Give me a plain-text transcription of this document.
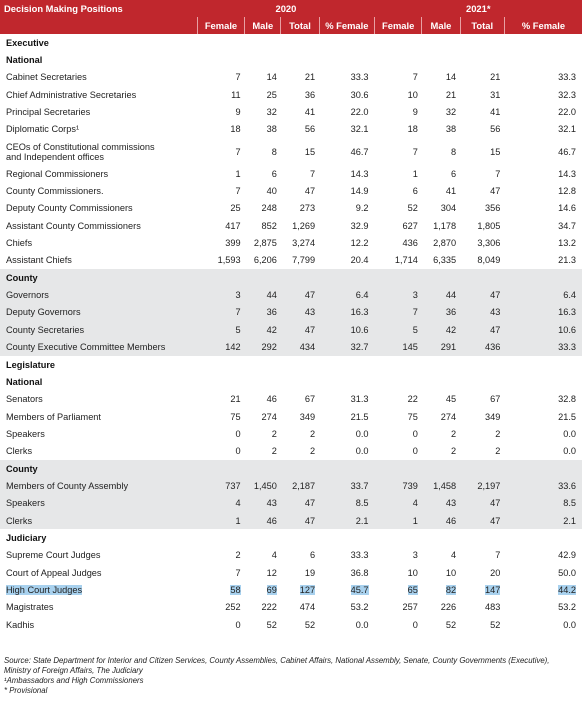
Decision Making Positions	2020				2021*			
	Female	Male	Total	% Female	Female	Male	Total	% Female
Executive								
National								
Cabinet Secretaries	7	14	21	33.3	7	14	21	33.3
Chief Administrative Secretaries	11	25	36	30.6	10	21	31	32.3
Principal Secretaries	9	32	41	22.0	9	32	41	22.0
Diplomatic Corps¹	18	38	56	32.1	18	38	56	32.1
CEOs of Constitutional commissions
and Independent offices	7	8	15	46.7	7	8	15	46.7
Regional Commissioners	1	6	7	14.3	1	6	7	14.3
County Commissioners.	7	40	47	14.9	6	41	47	12.8
Deputy County Commissioners	25	248	273	9.2	52	304	356	14.6
Assistant County Commissioners	417	852	1,269	32.9	627	1,178	1,805	34.7
Chiefs	399	2,875	3,274	12.2	436	2,870	3,306	13.2
Assistant Chiefs	1,593	6,206	7,799	20.4	1,714	6,335	8,049	21.3
County								
Governors	3	44	47	6.4	3	44	47	6.4
Deputy Governors	7	36	43	16.3	7	36	43	16.3
County Secretaries	5	42	47	10.6	5	42	47	10.6
County Executive Committee Members	142	292	434	32.7	145	291	436	33.3
Legislature								
National								
Senators	21	46	67	31.3	22	45	67	32.8
Members of Parliament	75	274	349	21.5	75	274	349	21.5
Speakers	0	2	2	0.0	0	2	2	0.0
Clerks	0	2	2	0.0	0	2	2	0.0
County								
Members of County Assembly	737	1,450	2,187	33.7	739	1,458	2,197	33.6
Speakers	4	43	47	8.5	4	43	47	8.5
Clerks	1	46	47	2.1	1	46	47	2.1
Judiciary								
Supreme Court Judges	2	4	6	33.3	3	4	7	42.9
Court of Appeal Judges	7	12	19	36.8	10	10	20	50.0
High Court Judges	58	69	127	45.7	65	82	147	44.2
Magistrates	252	222	474	53.2	257	226	483	53.2
Kadhis	0	52	52	0.0	0	52	52	0.0
Source: State Department for Interior and Citizen Services, County Assemblies, Cabinet Affairs, National Assembly, Senate, County Governments (Executive), Ministry of Foreign Affairs, The Judiciary
¹Ambassadors and High Commissioners
* Provisional
